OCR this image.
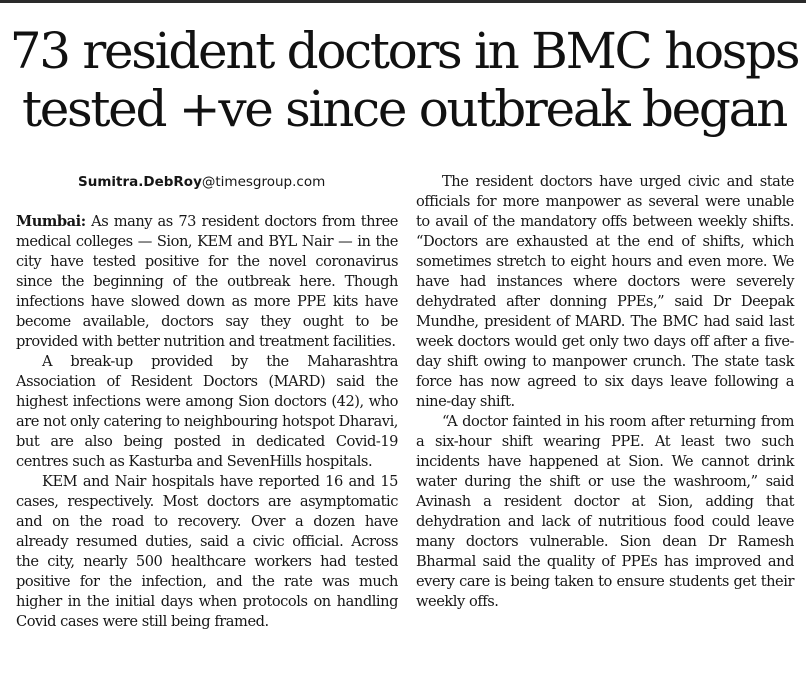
73 resident doctors in BMC hosps
tested +ve since outbreak began
Sumitra.DebRoy@timesgroup.com

Mumbai: As many as 73 resident doctors from three medical colleges — Sion, KEM and BYL Nair — in the city have tested positive for the novel coronavirus since the beginning of the outbreak here. Though infections have slowed down as more PPE kits have become available, doctors say they ought to be provided with better nutrition and treatment facilities.

A break-up provided by the Maharashtra Association of Resident Doctors (MARD) said the highest infections were among Sion doctors (42), who are not only catering to neighbouring hotspot Dharavi, but are also being posted in dedicated Covid-19 centres such as Kasturba and SevenHills hospitals.

KEM and Nair hospitals have reported 16 and 15 cases, respectively. Most doctors are asymptomatic and on the road to recovery. Over a dozen have already resumed duties, said a civic official. Across the city, nearly 500 healthcare workers had tested positive for the infection, and the rate was much higher in the initial days when protocols on handling Covid cases were still being framed.

The resident doctors have urged civic and state officials for more manpower as several were unable to avail of the mandatory offs between weekly shifts. “Doctors are exhausted at the end of shifts, which sometimes stretch to eight hours and even more. We have had instances where doctors were severely dehydrated after donning PPEs,” said Dr Deepak Mundhe, president of MARD. The BMC had said last week doctors would get only two days off after a five-day shift owing to manpower crunch. The state task force has now agreed to six days leave following a nine-day shift.

“A doctor fainted in his room after returning from a six-hour shift wearing PPE. At least two such incidents have happened at Sion. We cannot drink water during the shift or use the washroom,” said Avinash a resident doctor at Sion, adding that dehydration and lack of nutritious food could leave many doctors vulnerable. Sion dean Dr Ramesh Bharmal said the quality of PPEs has improved and every care is being taken to ensure students get their weekly offs.
